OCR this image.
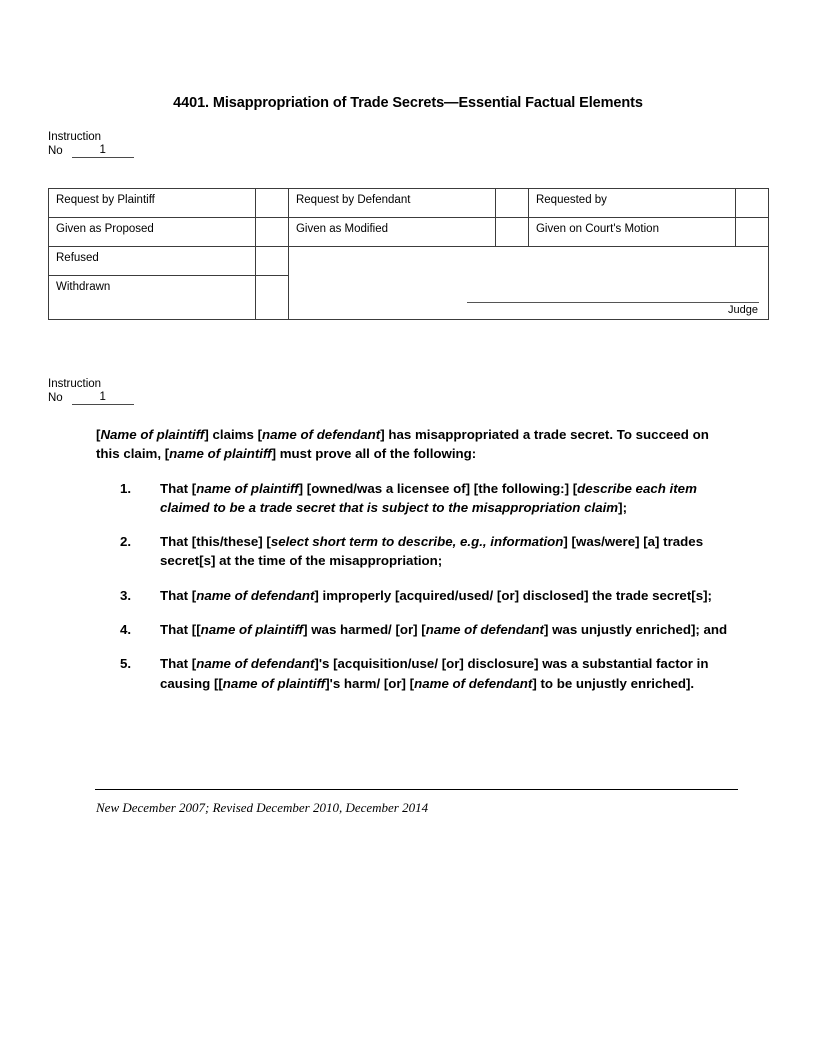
4401. Misappropriation of Trade Secrets—Essential Factual Elements
Instruction
No	1
Request by Plaintiff		Request by Defendant		Requested by	
Given as Proposed		Given as Modified		Given on Court's Motion	
Refused		Judge			

Withdrawn					
Instruction
No	1

[Name of plaintiff] claims [name of defendant] has misappropriated a trade secret. To succeed on this claim, [name of plaintiff] must prove all of the following:

1. That [name of plaintiff] [owned/was a licensee of] [the following:] [describe each item claimed to be a trade secret that is subject to the misappropriation claim];
2. That [this/these] [select short term to describe, e.g., information] [was/were] [a] trades secret[s] at the time of the misappropriation;
3. That [name of defendant] improperly [acquired/used/ [or] disclosed] the trade secret[s];
4. That [[name of plaintiff] was harmed/ [or] [name of defendant] was unjustly enriched]; and
5. That [name of defendant]'s [acquisition/use/ [or] disclosure] was a substantial factor in causing [[name of plaintiff]'s harm/ [or] [name of defendant] to be unjustly enriched].
New December 2007; Revised December 2010, December 2014
